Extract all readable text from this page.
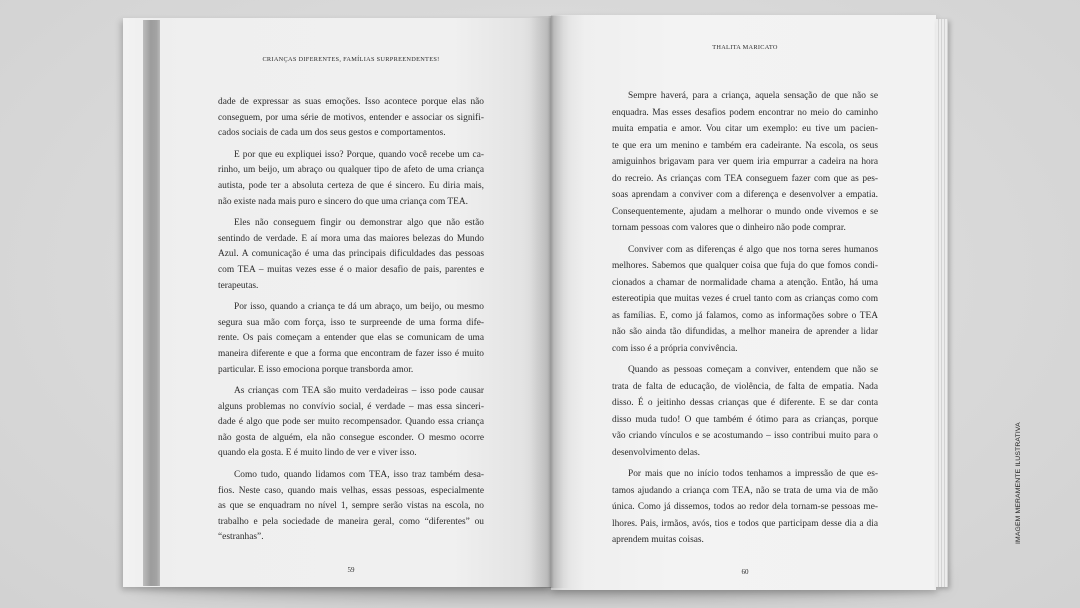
CRIANÇAS DIFERENTES, FAMÍLIAS SURPREENDENTES!
dade de expressar as suas emoções. Isso acontece porque elas não
conseguem, por uma série de motivos, entender e associar os signifi-
cados sociais de cada um dos seus gestos e comportamentos.
E por que eu expliquei isso? Porque, quando você recebe um ca-
rinho, um beijo, um abraço ou qualquer tipo de afeto de uma criança
autista, pode ter a absoluta certeza de que é sincero. Eu diria mais,
não existe nada mais puro e sincero do que uma criança com TEA.
Eles não conseguem fingir ou demonstrar algo que não estão
sentindo de verdade. E aí mora uma das maiores belezas do Mundo
Azul. A comunicação é uma das principais dificuldades das pessoas
com TEA – muitas vezes esse é o maior desafio de pais, parentes e
terapeutas.
Por isso, quando a criança te dá um abraço, um beijo, ou mesmo
segura sua mão com força, isso te surpreende de uma forma dife-
rente. Os pais começam a entender que elas se comunicam de uma
maneira diferente e que a forma que encontram de fazer isso é muito
particular. E isso emociona porque transborda amor.
As crianças com TEA são muito verdadeiras – isso pode causar
alguns problemas no convívio social, é verdade – mas essa sinceri-
dade é algo que pode ser muito recompensador. Quando essa criança
não gosta de alguém, ela não consegue esconder. O mesmo ocorre
quando ela gosta. E é muito lindo de ver e viver isso.
Como tudo, quando lidamos com TEA, isso traz também desa-
fios. Neste caso, quando mais velhas, essas pessoas, especialmente
as que se enquadram no nível 1, sempre serão vistas na escola, no
trabalho e pela sociedade de maneira geral, como “diferentes” ou
“estranhas”.
59
THALITA MARICATO
Sempre haverá, para a criança, aquela sensação de que não se
enquadra. Mas esses desafios podem encontrar no meio do caminho
muita empatia e amor. Vou citar um exemplo: eu tive um pacien-
te que era um menino e também era cadeirante. Na escola, os seus
amiguinhos brigavam para ver quem iria empurrar a cadeira na hora
do recreio. As crianças com TEA conseguem fazer com que as pes-
soas aprendam a conviver com a diferença e desenvolver a empatia.
Consequentemente, ajudam a melhorar o mundo onde vivemos e se
tornam pessoas com valores que o dinheiro não pode comprar.
Conviver com as diferenças é algo que nos torna seres humanos
melhores. Sabemos que qualquer coisa que fuja do que fomos condi-
cionados a chamar de normalidade chama a atenção. Então, há uma
estereotipia que muitas vezes é cruel tanto com as crianças como com
as famílias. E, como já falamos, como as informações sobre o TEA
não são ainda tão difundidas, a melhor maneira de aprender a lidar
com isso é a própria convivência.
Quando as pessoas começam a conviver, entendem que não se
trata de falta de educação, de violência, de falta de empatia. Nada
disso. É o jeitinho dessas crianças que é diferente. E se dar conta
disso muda tudo! O que também é ótimo para as crianças, porque
vão criando vínculos e se acostumando – isso contribui muito para o
desenvolvimento delas.
Por mais que no início todos tenhamos a impressão de que es-
tamos ajudando a criança com TEA, não se trata de uma via de mão
única. Como já dissemos, todos ao redor dela tornam-se pessoas me-
lhores. Pais, irmãos, avós, tios e todos que participam desse dia a dia
aprendem muitas coisas.
60
IMAGEM MERAMENTE ILUSTRATIVA
